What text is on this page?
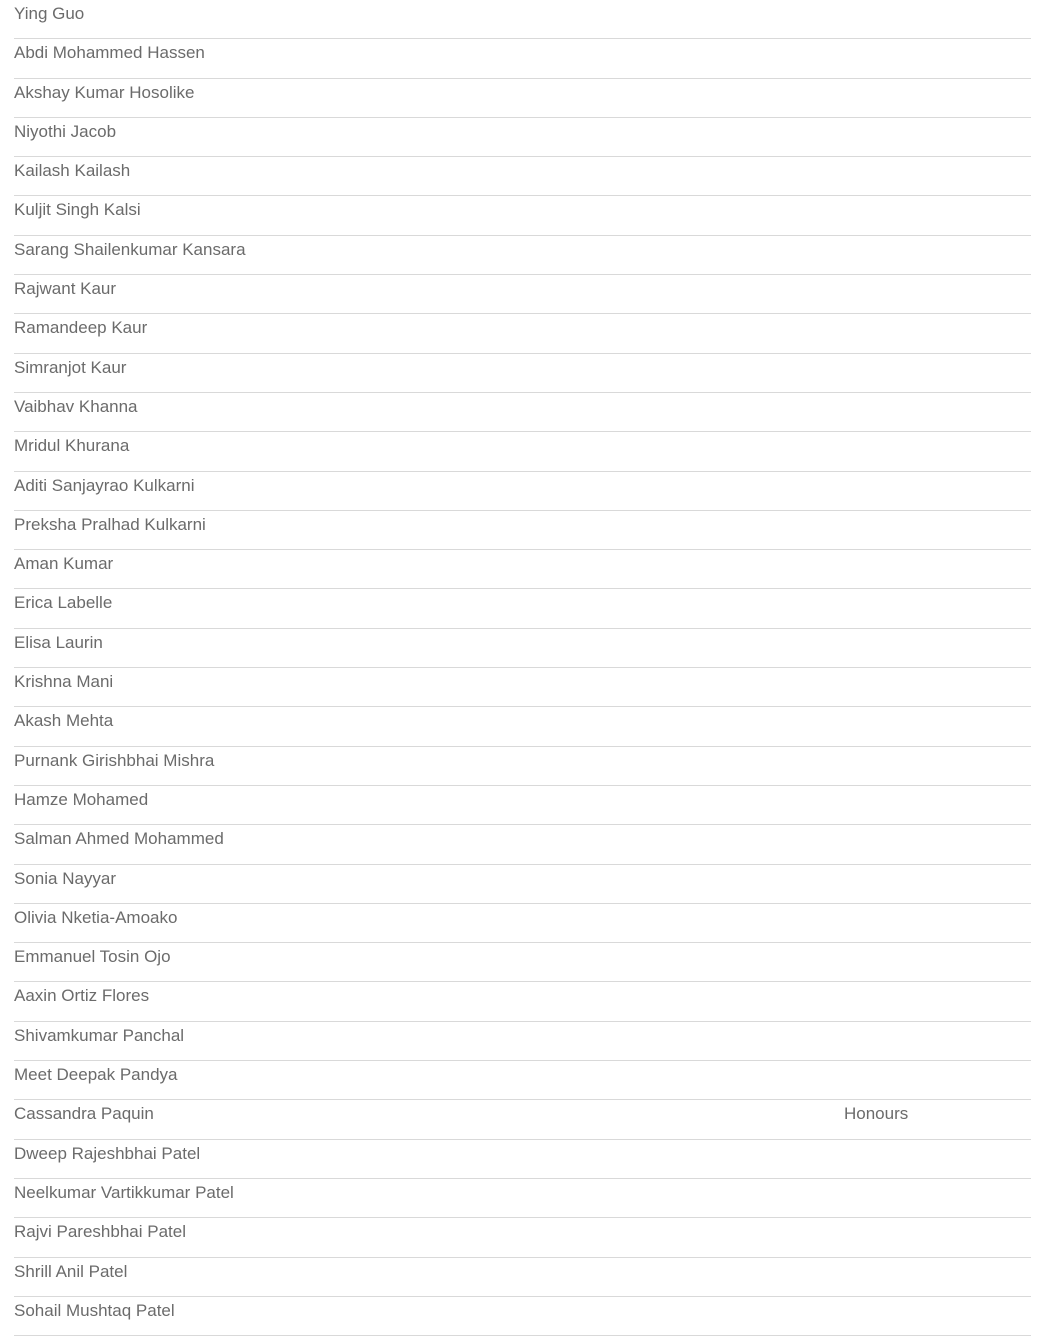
Ying Guo
Abdi Mohammed Hassen
Akshay Kumar Hosolike
Niyothi Jacob
Kailash Kailash
Kuljit Singh Kalsi
Sarang Shailenkumar Kansara
Rajwant Kaur
Ramandeep Kaur
Simranjot Kaur
Vaibhav Khanna
Mridul Khurana
Aditi Sanjayrao Kulkarni
Preksha Pralhad Kulkarni
Aman Kumar
Erica Labelle
Elisa Laurin
Krishna Mani
Akash Mehta
Purnank Girishbhai Mishra
Hamze Mohamed
Salman Ahmed Mohammed
Sonia Nayyar
Olivia Nketia-Amoako
Emmanuel Tosin Ojo
Aaxin Ortiz Flores
Shivamkumar Panchal
Meet Deepak Pandya
Cassandra Paquin	Honours
Dweep Rajeshbhai Patel
Neelkumar Vartikkumar Patel
Rajvi Pareshbhai Patel
Shrill Anil Patel
Sohail Mushtaq Patel
